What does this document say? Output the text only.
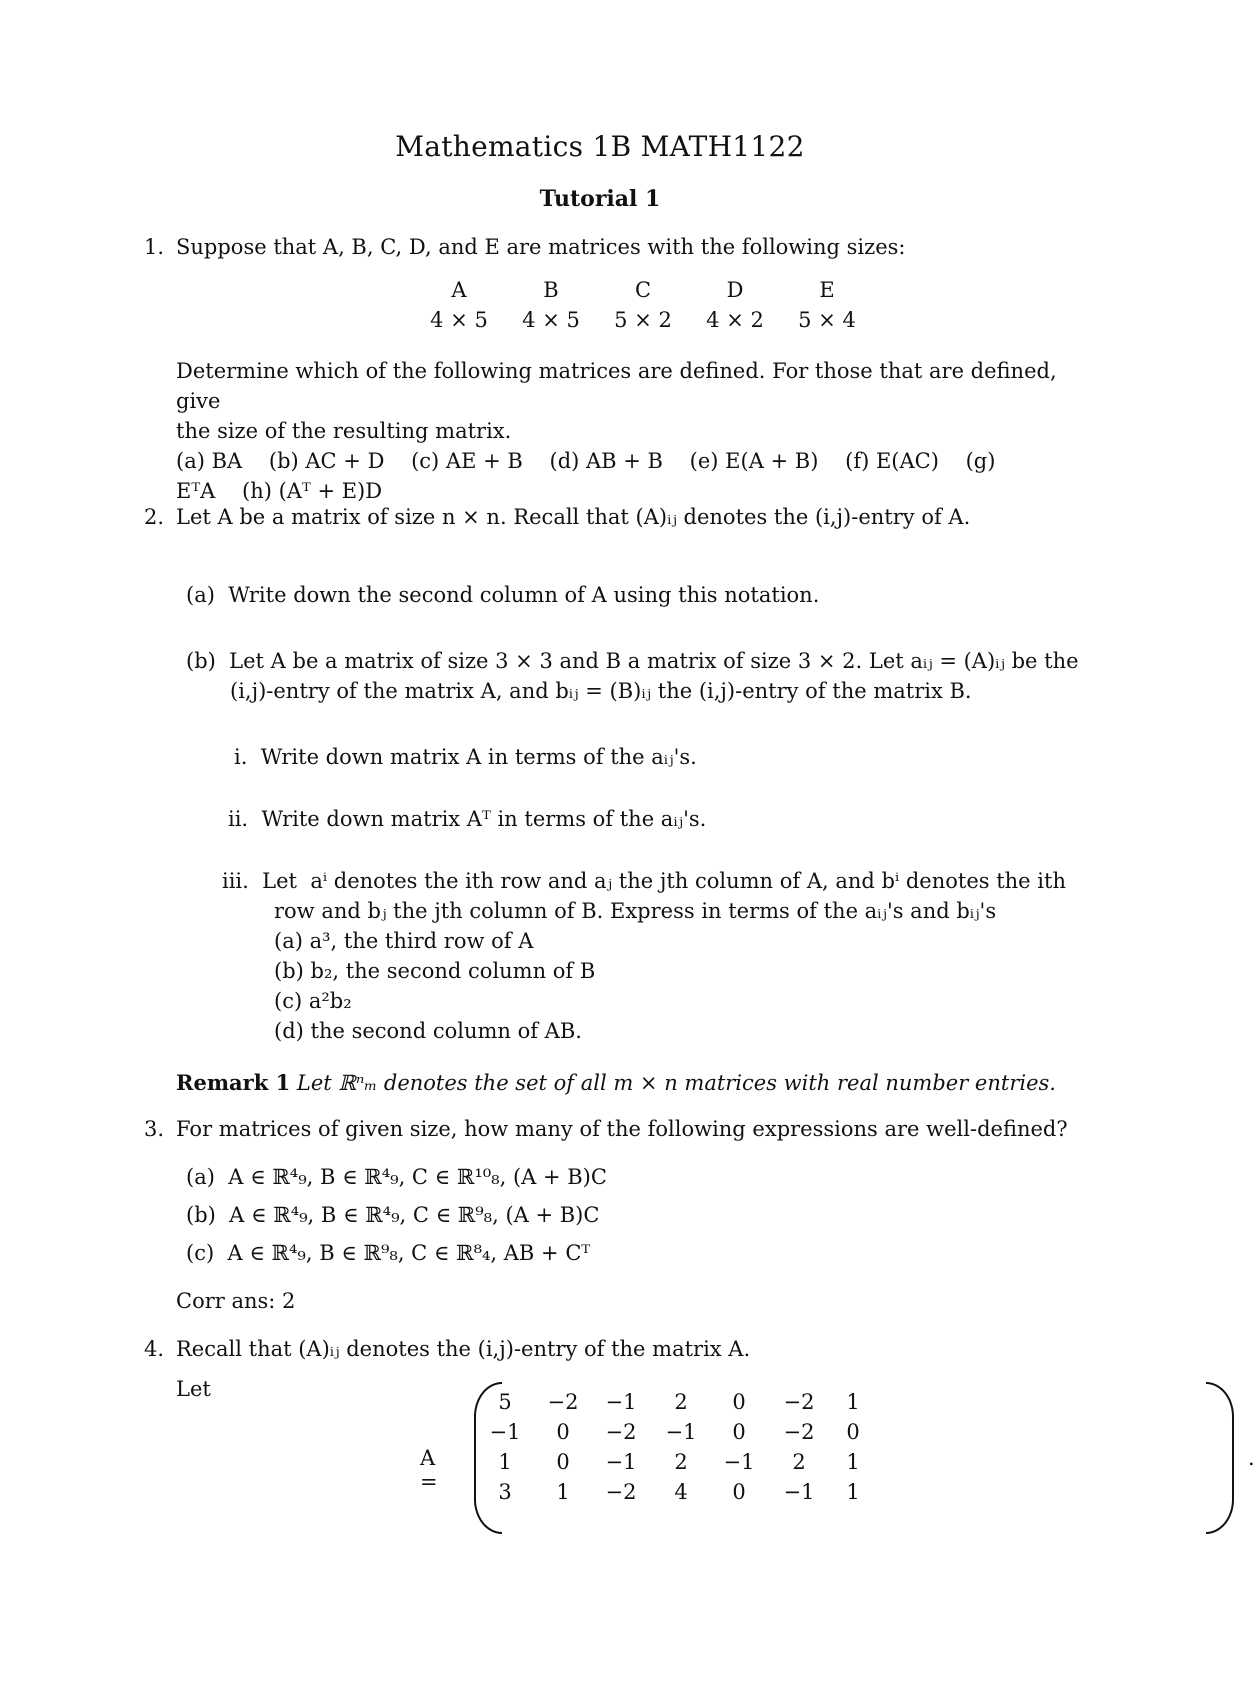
Mathematics 1B MATH1122
Tutorial 1
1. Suppose that A, B, C, D, and E are matrices with the following sizes:
A	B	C	D	E
4 × 5	4 × 5	5 × 2	4 × 2	5 × 4
Determine which of the following matrices are defined. For those that are defined, give
the size of the resulting matrix.
(a) BA    (b) AC + D    (c) AE + B    (d) AB + B    (e) E(A + B)    (f) E(AC)    (g)
EᵀA    (h) (Aᵀ + E)D
2. Let A be a matrix of size n × n. Recall that (A)ᵢⱼ denotes the (i,j)-entry of A.
(a)  Write down the second column of A using this notation.
(b)  Let A be a matrix of size 3 × 3 and B a matrix of size 3 × 2. Let aᵢⱼ = (A)ᵢⱼ be the
(i,j)-entry of the matrix A, and bᵢⱼ = (B)ᵢⱼ the (i,j)-entry of the matrix B.
i.  Write down matrix A in terms of the aᵢⱼ's.
ii.  Write down matrix Aᵀ in terms of the aᵢⱼ's.
iii.  Let  aⁱ denotes the ith row and aⱼ the jth column of A, and bⁱ denotes the ith
row and bⱼ the jth column of B. Express in terms of the aᵢⱼ's and bᵢⱼ's
(a) a³, the third row of A
(b) b₂, the second column of B
(c) a²b₂
(d) the second column of AB.
Remark 1 Let ℝⁿₘ denotes the set of all m × n matrices with real number entries.
3. For matrices of given size, how many of the following expressions are well-defined?
(a)  A ∈ ℝ⁴₉, B ∈ ℝ⁴₉, C ∈ ℝ¹⁰₈, (A + B)C
(b)  A ∈ ℝ⁴₉, B ∈ ℝ⁴₉, C ∈ ℝ⁹₈, (A + B)C
(c)  A ∈ ℝ⁴₉, B ∈ ℝ⁹₈, C ∈ ℝ⁸₄, AB + Cᵀ
Corr ans: 2
4. Recall that (A)ᵢⱼ denotes the (i,j)-entry of the matrix A.
Let
A =
5	−2	−1	2	0	−2	1
−1	0	−2	−1	0	−2	0
1	0	−1	2	−1	2	1
3	1	−2	4	0	−1	1
.
